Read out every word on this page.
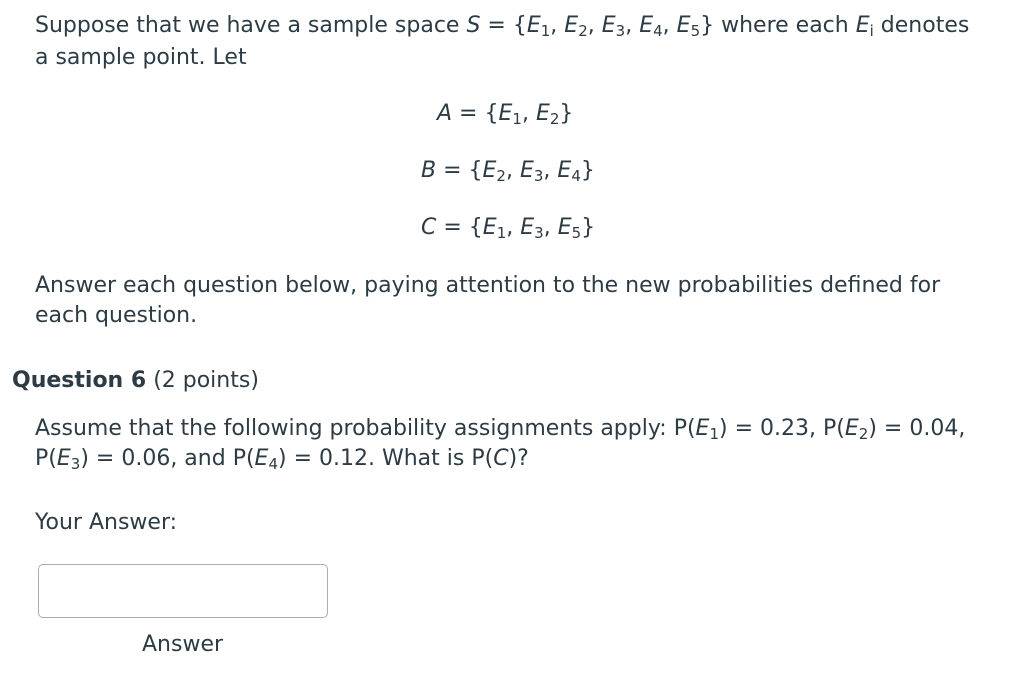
Suppose that we have a sample space $S = \{E_1$, $E_2$, $E_3$, $E_4$, $E_5$} where each $E_i$ denotes a sample point. Let

$A = \{E_1$, $E_2$}
$B = \{E_2$, $E_3$, $E_4$}
$C = \{E_1$, $E_3$, $E_5$}

Answer each question below, paying attention to the new probabilities defined for each question.

Question 6 (2 points)

Assume that the following probability assignments apply: $P(E_1) = 0.23$, $P(E_2) = 0.04$, $P(E_3) = 0.06$, and $P(E_4) = 0.12$. What is P(C)?

Your Answer:
Answer
